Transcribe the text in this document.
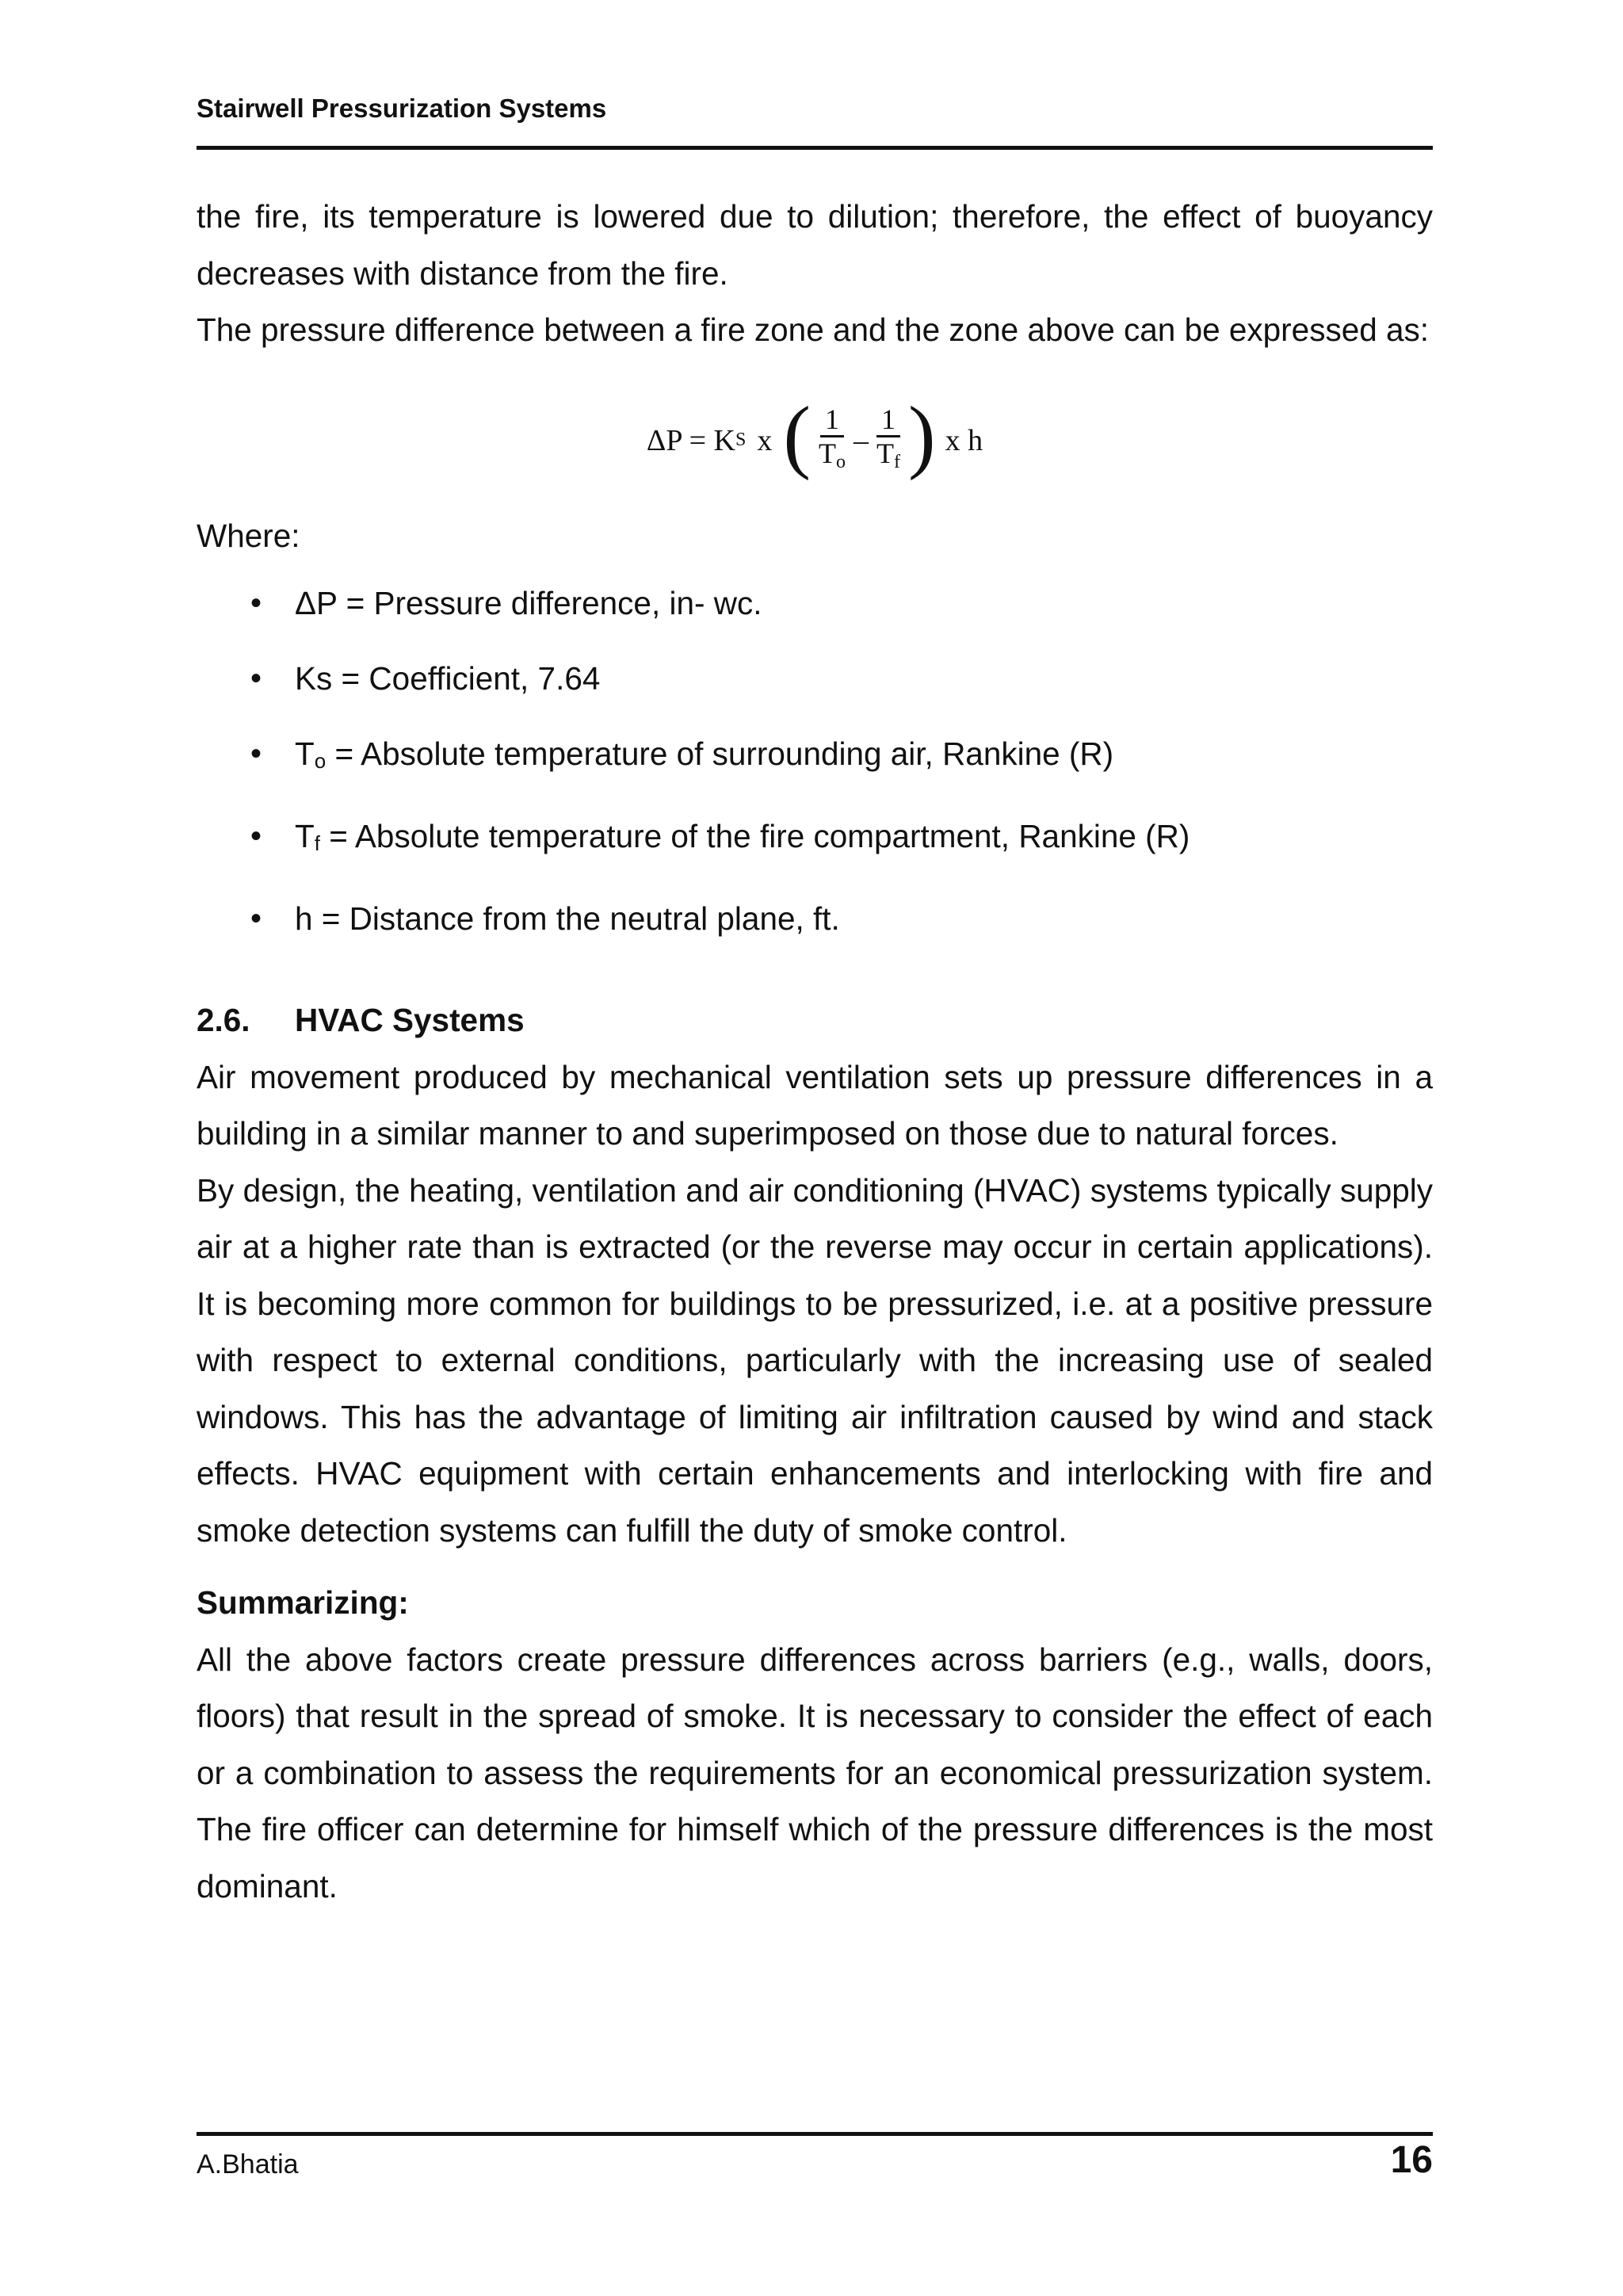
Stairwell Pressurization Systems

the fire, its temperature is lowered due to dilution; therefore, the effect of buoyancy decreases with distance from the fire.

The pressure difference between a fire zone and the zone above can be expressed as:

ΔP = K S x ( $\frac{1}{T_o} - \frac{1}{T_f}$ ) x h
Where:
• ΔP = Pressure difference, in- wc.
• Ks = Coefficient, 7.64
• To = Absolute temperature of surrounding air, Rankine (R)
• Tf = Absolute temperature of the fire compartment, Rankine (R)
• h = Distance from the neutral plane, ft.
2.6.	HVAC Systems

Air movement produced by mechanical ventilation sets up pressure differences in a building in a similar manner to and superimposed on those due to natural forces.

By design, the heating, ventilation and air conditioning (HVAC) systems typically supply air at a higher rate than is extracted (or the reverse may occur in certain applications). It is becoming more common for buildings to be pressurized, i.e. at a positive pressure with respect to external conditions, particularly with the increasing use of sealed windows. This has the advantage of limiting air infiltration caused by wind and stack effects. HVAC equipment with certain enhancements and interlocking with fire and smoke detection systems can fulfill the duty of smoke control.

Summarizing:

All the above factors create pressure differences across barriers (e.g., walls, doors, floors) that result in the spread of smoke. It is necessary to consider the effect of each or a combination to assess the requirements for an economical pressurization system. The fire officer can determine for himself which of the pressure differences is the most dominant.

A.Bhatia	16
